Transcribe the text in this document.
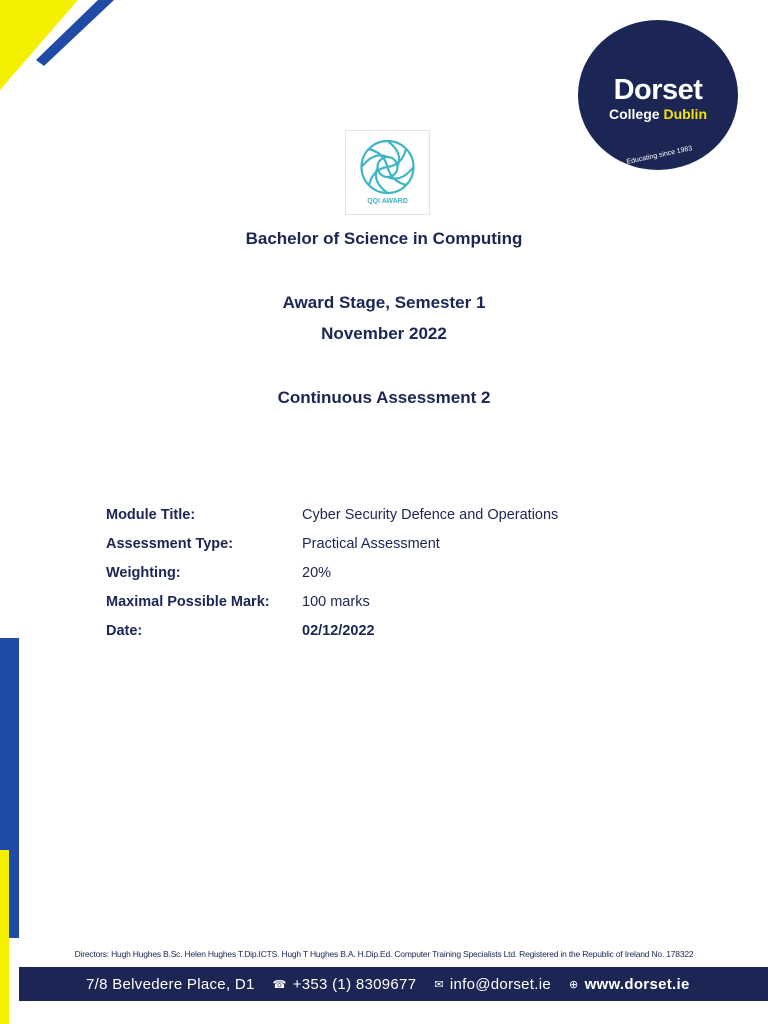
Dorset
College Dublin
Educating since 1983
QQI AWARD
Bachelor of Science in Computing
Award Stage, Semester 1
November 2022
Continuous Assessment 2
Module Title:	Cyber Security Defence and Operations
Assessment Type:	Practical Assessment
Weighting:	20%
Maximal Possible Mark:	100 marks
Date:	02/12/2022
Directors: Hugh Hughes B.Sc. Helen Hughes T.Dip.ICTS. Hugh T Hughes B.A. H.Dip.Ed. Computer Training Specialists Ltd. Registered in the Republic of Ireland No. 178322
7/8 Belvedere Place, D1 ☎ +353 (1) 8309677 ✉ info@dorset.ie ⊕ www.dorset.ie
